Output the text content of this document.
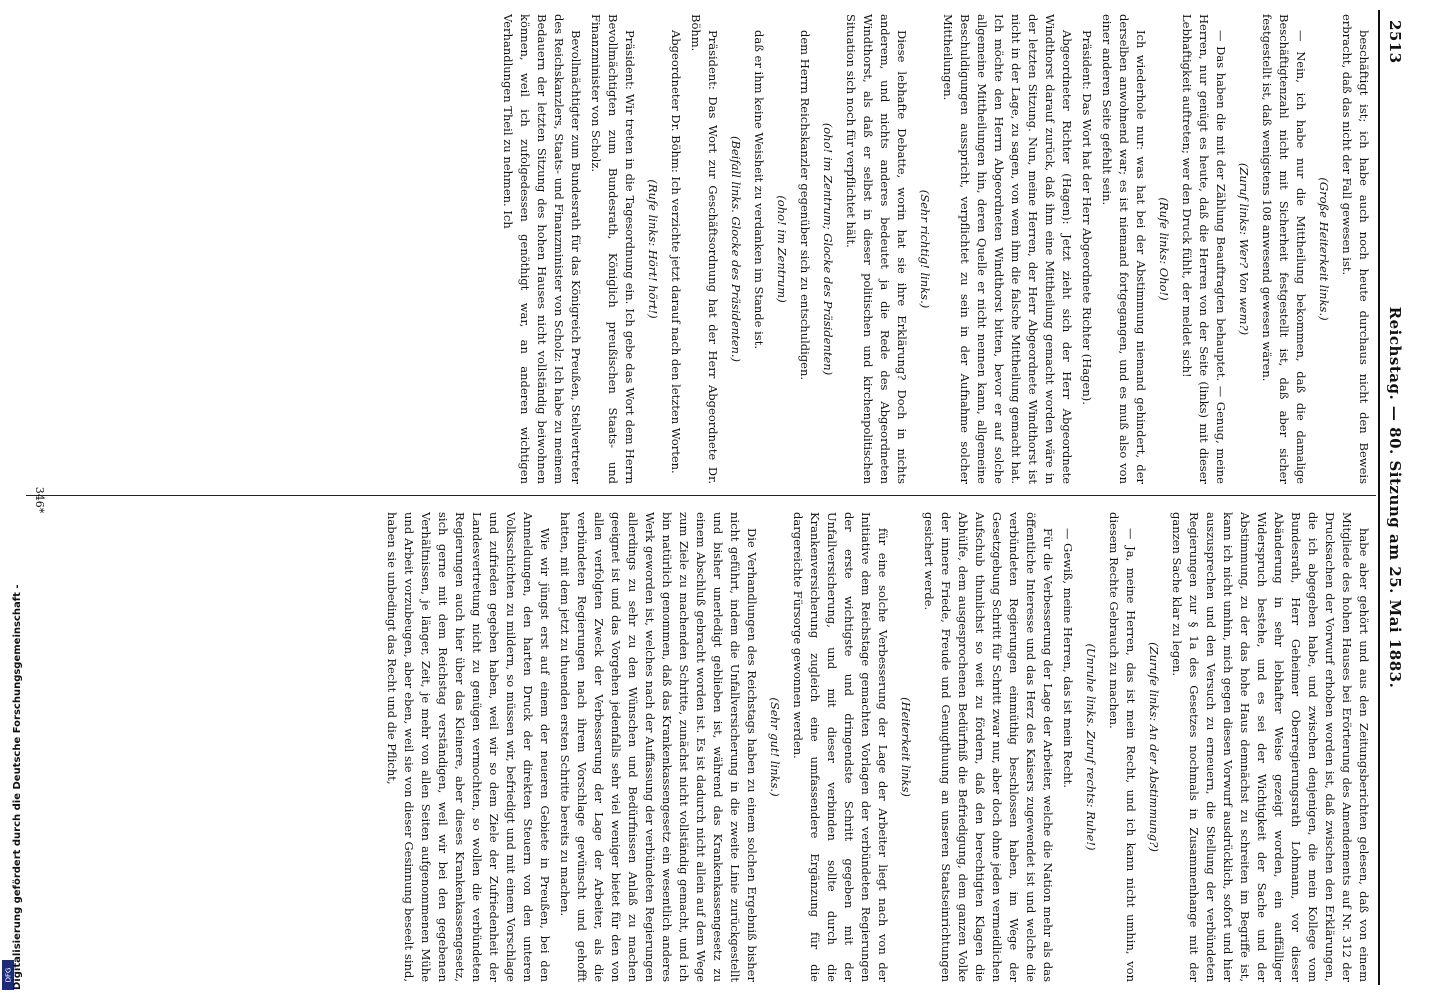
2513
Reichstag. — 80. Sitzung am 25. Mai 1883.

beschäftigt ist; ich habe auch noch heute durchaus nicht den Beweis erbracht, daß das nicht der Fall gewesen ist.

(Große Heiterkeit links.)

— Nein, ich habe nur die Mittheilung bekommen, daß die damalige Beschäftigtenzahl nicht mit Sicherheit festgestellt ist, daß aber sicher festgestellt ist, daß wenigstens 108 anwesend gewesen wären.

(Zuruf links: Wer? Von wem?)

— Das haben die mit der Zählung Beauftragten behauptet. — Genug, meine Herren, nur genügt es heute, daß die Herren von der Seite (links) mit dieser Lebhaftigkeit auftreten; wer den Druck fühlt, der meldet sich!

(Rufe links: Oho!)

Ich wiederhole nur: was hat bei der Abstimmung niemand gehindert, der derselben anwohnend war; es ist niemand fortgegangen, und es muß also von einer anderen Seite gefehlt sein.

Präsident: Das Wort hat der Herr Abgeordnete Richter (Hagen).

Abgeordneter Richter (Hagen): Jetzt zieht sich der Herr Abgeordnete Windthorst darauf zurück, daß ihm eine Mittheilung gemacht worden wäre in der letzten Sitzung. Nun, meine Herren, der Herr Abgeordnete Windthorst ist nicht in der Lage, zu sagen, von wem ihm die falsche Mittheilung gemacht hat. Ich möchte den Herrn Abgeordneten Windthorst bitten, bevor er auf solche allgemeine Mittheilungen hin, deren Quelle er nicht nennen kann, allgemeine Beschuldigungen ausspricht, verpflichtet zu sein in der Aufnahme solcher Mittheilungen.

(Sehr richtig! links.)

Diese lebhafte Debatte, worin hat sie ihre Erklärung? Doch in nichts anderem, und nichts anderes bedeutet ja die Rede des Abgeordneten Windthorst, als daß er selbst in dieser politischen und kirchenpolitischen Situation sich noch für verpflichtet hält.

(oho! im Zentrum; Glocke des Präsidenten)

dem Herrn Reichskanzler gegenüber sich zu entschuldigen.

(oho! im Zentrum)

daß er ihm keine Weisheit zu verdanken im Stande ist.

(Beifall links. Glocke des Präsidenten.)

Präsident: Das Wort zur Geschäftsordnung hat der Herr Abgeordnete Dr. Böhm.

Abgeordneter Dr. Böhm: Ich verzichte jetzt darauf nach den letzten Worten.

(Rufe links: Hört! hört!)

Präsident: Wir treten in die Tagesordnung ein. Ich gebe das Wort dem Herrn Bevollmächtigten zum Bundesrath, Königlich preußischen Staats- und Finanzminister von Scholz.

Bevollmächtigter zum Bundesrath für das Königreich Preußen, Stellvertreter des Reichskanzlers, Staats- und Finanzminister von Scholz: Ich habe zu meinem Bedauern der letzten Sitzung des hohen Hauses nicht vollständig beiwohnen können, weil ich zufolgedessen genöthigt war, an anderen wichtigen Verhandlungen Theil zu nehmen. Ich

habe aber gehört und aus den Zeitungsberichten gelesen, daß von einem Mitgliede des hohen Hauses bei Erörterung des Amendements auf Nr. 312 der Drucksachen der Vorwurf erhoben worden ist, daß zwischen den Erklärungen, die ich abgegeben habe, und zwischen denjenigen, die mein Kollege vom Bundesrath, Herr Geheimer Oberregierungsrath Lohmann, vor dieser Abänderung in sehr lebhafter Weise gezeigt worden, ein auffälliger Widerspruch bestehe, und es sei der Wichtigkeit der Sache und der Abstimmung, zu der das hohe Haus demnächst zu schreiten im Begriffe ist, kann ich nicht umhin, mich gegen diesen Vorwurf ausdrücklich, sofort und hier auszusprechen und den Versuch zu erneuern, die Stellung der verbündeten Regierungen zur § 1a des Gesetzes nochmals in Zusammenhange mit der ganzen Sache klar zu legen.

(Zurufe links: An der Abstimmung?)

— Ja, meine Herren, das ist mein Recht, und ich kann nicht umhin, von diesem Rechte Gebrauch zu machen.

(Unruhe links. Zuruf rechts: Ruhe!)

— Gewiß, meine Herren, das ist mein Recht.

Für die Verbesserung der Lage der Arbeiter, welche die Nation mehr als das öffentliche Interesse und das Herz des Kaisers zugewendet ist und welche die verbündeten Regierungen einmüthig beschlossen haben, im Wege der Gesetzgebung Schritt für Schritt zwar nur, aber doch ohne jeden vermeidlichen Aufschub thunlichst so weit zu fördern, daß den berechtigten Klagen die Abhülfe, dem ausgesprochenen Bedürfniß die Befriedigung, dem ganzen Volke der innere Friede, Freude und Genugthuung an unseren Staatseinrichtungen gesichert werde.

(Heiterkeit links)

für eine solche Verbesserung der Lage der Arbeiter liegt nach von der Initiative dem Reichstage gemachten Vorlagen der verbündeten Regierungen der erste wichtigste und dringendste Schritt gegeben mit der Unfallversicherung, und mit dieser verbinden sollte durch die Krankenversicherung zugleich eine umfassendere Ergänzung für die dargereichte Fürsorge gewonnen werden.

(Sehr gut! links.)

Die Verhandlungen des Reichstags haben zu einem solchen Ergebniß bisher nicht geführt, indem die Unfallversicherung in die zweite Linie zurückgestellt und bisher unerledigt geblieben ist, während das Krankenkassengesetz zu einem Abschluß gebracht worden ist. Es ist dadurch nicht allein auf dem Wege zum Ziele zu machenden Schritte, zunächst nicht vollständig gemacht, und ich bin natürlich genommen, daß das Krankenkassengesetz ein wesentlich anderes Werk geworden ist, welches nach der Auffassung der verbündeten Regierungen allerdings zu sehr zu den Wünschen und Bedürfnissen Anlaß zu machen geeignet ist und das Vorgehen jedenfalls sehr viel weniger bietet für den von allen verfolgten Zweck der Verbesserung der Lage der Arbeiter, als die verbündeten Regierungen nach ihrem Vorschlage gewünscht und gehofft hatten, mit dem jetzt zu thuenden ersten Schritte bereits zu machen.

Wie wir jüngst erst auf einem der neueren Gebiete in Preußen, bei den Anmeldungen, den harten Druck der direkten Steuern von den unteren Volksschichten zu mildern, so müssen wir, befriedigt und mit einem Vorschlage und zufrieden gegeben haben, weil wir so dem Ziele der Zufriedenheit der Landesvertretung nicht zu genügen vermochten, so wollen die verbündeten Regierungen auch hier über das Kleinere, aber dieses Krankenkassengesetz, sich gerne mit dem Reichstag verständigen, weil wir bei den gegebenen Verhältnissen, je länger, Zeit, je mehr von allen Seiten aufgenommenen Mühe und Arbeit vorzubeugen, aber eben, weil sie von dieser Gesinnung beseelt sind, haben sie unbedingt das Recht und die Pflicht,

346*
DFG Digitalisierung gefördert durch die Deutsche Forschungsgemeinschaft -
